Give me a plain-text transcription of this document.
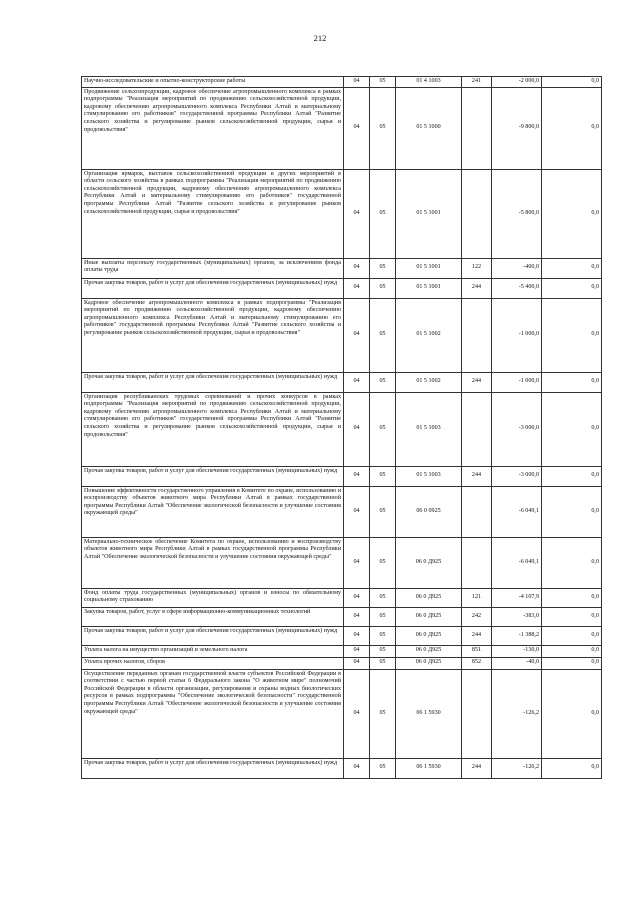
212
Научно-исследовательские и опытно-конструкторские работы	04	05	01 4 1003	241	-2 000,0	0,0
Продвижение сельхозпродукции, кадровое обеспечение агропромышленного комплекса в рамках подпрограммы "Реализация мероприятий по продвижению сельскохозяйственной продукции, кадровому обеспечению агропромышленного комплекса Республики Алтай и материальному стимулированию его работников" государственной программы Республики Алтай "Развитие сельского хозяйства и регулирование рынков сельскохозяйственной продукции, сырья и продовольствия"	04	05	01 5 1000		-9 800,0	0,0
Организация ярмарок, выставок сельскохозяйственной продукции и других мероприятий в области сельского хозяйства в рамках подпрограммы "Реализация мероприятий по продвижению сельскохозяйственной продукции, кадровому обеспечению агропромышленного комплекса Республики Алтай и материальному стимулированию его работников" государственной программы Республики Алтай "Развитие сельского хозяйства и регулирование рынков сельскохозяйственной продукции, сырья и продовольствия"	04	05	01 5 1001		-5 800,0	0,0
Иные выплаты персоналу государственных (муниципальных) органов, за исключением фонда оплаты труда	04	05	01 5 1001	122	-400,0	0,0
Прочая закупка товаров, работ и услуг для обеспечения государственных (муниципальных) нужд	04	05	01 5 1001	244	-5 400,0	0,0
Кадровое обеспечение агропромышленного комплекса в рамках подпрограммы "Реализация мероприятий по продвижению сельскохозяйственной продукции, кадровому обеспечению агропромышленного комплекса Республики Алтай и материальному стимулированию его работников" государственной программы Республики Алтай "Развитие сельского хозяйства и регулирование рынков сельскохозяйственной продукции, сырья и продовольствия"	04	05	01 5 1002		-1 000,0	0,0
Прочая закупка товаров, работ и услуг для обеспечения государственных (муниципальных) нужд	04	05	01 5 1002	244	-1 000,0	0,0
Организация республиканских трудовых соревнований и прочих конкурсов в рамках подпрограммы "Реализация мероприятий по продвижению сельскохозяйственной продукции, кадровому обеспечению агропромышленного комплекса Республики Алтай и материальному стимулированию его работников" государственной программы Республики Алтай "Развитие сельского хозяйства и регулирование рынков сельскохозяйственной продукции, сырья и продовольствия"	04	05	01 5 1003		-3 000,0	0,0
Прочая закупка товаров, работ и услуг для обеспечения государственных (муниципальных) нужд	04	05	01 5 1003	244	-3 000,0	0,0
Повышение эффективности государственного управления в Комитете по охране, использованию и воспроизводству объектов животного мира Республики Алтай в рамках государственной программы Республики Алтай "Обеспечение экологической безопасности и улучшение состояния окружающей среды"	04	05	06 0 0925		-6 049,1	0,0
Материально-техническое обеспечение Комитета по охране, использованию и воспроизводству объектов животного мира Республики Алтай в рамках государственной программы Республики Алтай "Обеспечение экологической безопасности и улучшение состояния окружающей среды"	04	05	06 0 Д925		-6 049,1	0,0
Фонд оплаты труда государственных (муниципальных) органов и взносы по обязательному социальному страхованию	04	05	06 0 Д925	121	-4 107,9	0,0
Закупка товаров, работ, услуг в сфере информационно-коммуникационных технологий	04	05	06 0 Д925	242	-383,0	0,0
Прочая закупка товаров, работ и услуг для обеспечения государственных (муниципальных) нужд	04	05	06 0 Д925	244	-1 388,2	0,0
Уплата налога на имущество организаций и земельного налога	04	05	06 0 Д925	851	-130,0	0,0
Уплата прочих налогов, сборов	04	05	06 0 Д925	852	-40,0	0,0
Осуществление переданных органам государственной власти субъектов Российской Федерации в соответствии с частью первой статьи 6 Федерального закона "О животном мире" полномочий Российской Федерации в области организации, регулирования и охраны водных биологических ресурсов в рамках подпрограммы "Обеспечение экологической безопасности" государственной программы Республики Алтай "Обеспечение экологической безопасности и улучшение состояния окружающей среды"	04	05	06 1 5930		-126,2	0,0
Прочая закупка товаров, работ и услуг для обеспечения государственных (муниципальных) нужд	04	05	06 1 5930	244	-126,2	0,0
